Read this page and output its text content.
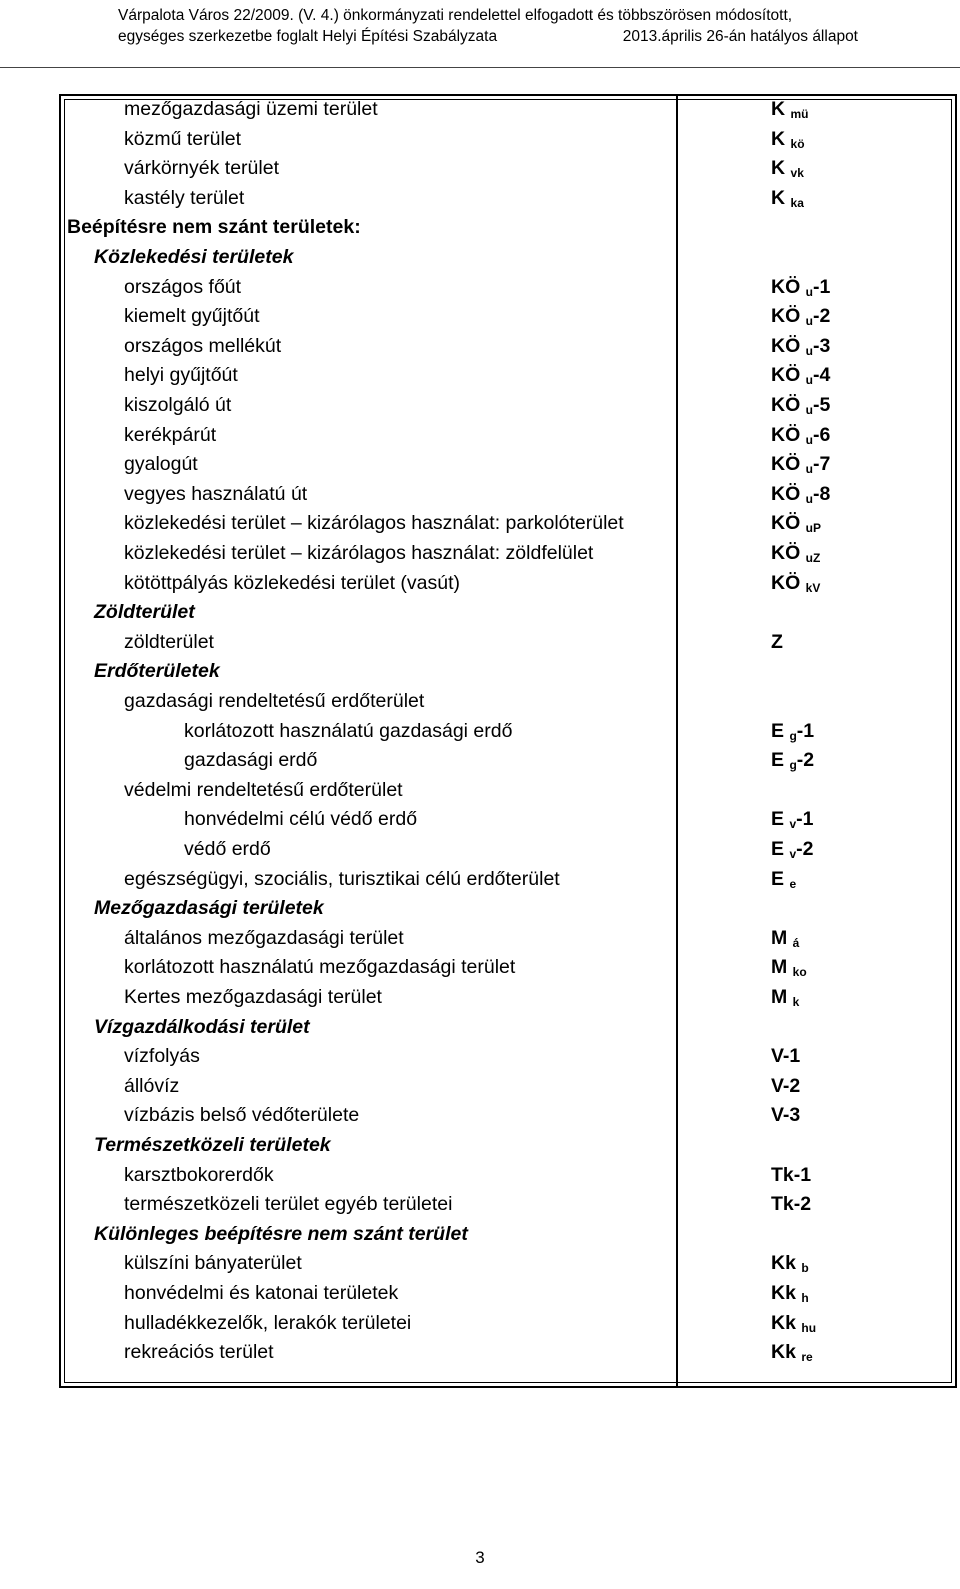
Várpalota Város 22/2009. (V. 4.) önkormányzati rendelettel elfogadott és többszörösen módosított,
egységes szerkezetbe foglalt Helyi Építési Szabályzata	2013.április 26-án hatályos állapot
mezőgazdasági üzemi terület	K $_{mü}$
közmű terület	K $_{kö}$
várkörnyék terület	K $_{vk}$
kastély terület	K $_{ka}$
Beépítésre nem szánt területek:
Közlekedési területek
országos főút	KÖ $_u$-1
kiemelt gyűjtőút	KÖ $_u$-2
országos mellékút	KÖ $_u$-3
helyi gyűjtőút	KÖ $_u$-4
kiszolgáló út	KÖ $_u$-5
kerékpárút	KÖ $_u$-6
gyalogút	KÖ $_u$-7
vegyes használatú út	KÖ $_u$-8
közlekedési terület – kizárólagos használat: parkolóterület	KÖ $_{uP}$
közlekedési terület – kizárólagos használat: zöldfelület	KÖ $_{uZ}$
kötöttpályás közlekedési terület (vasút)	KÖ $_{kV}$
Zöldterület
zöldterület	Z
Erdőterületek
gazdasági rendeltetésű erdőterület
korlátozott használatú gazdasági erdő	E $_g$-1
gazdasági erdő	E $_g$-2
védelmi rendeltetésű erdőterület
honvédelmi célú védő erdő	E $_v$-1
védő erdő	E $_v$-2
egészségügyi, szociális, turisztikai célú erdőterület	E $_e$
Mezőgazdasági területek
általános mezőgazdasági terület	M $_á$
korlátozott használatú mezőgazdasági terület	M $_{ko}$
Kertes mezőgazdasági terület	M $_k$
Vízgazdálkodási terület
vízfolyás	V-1
állóvíz	V-2
vízbázis belső védőterülete	V-3
Természetközeli területek
karsztbokorerdők	Tk-1
természetközeli terület egyéb területei	Tk-2
Különleges beépítésre nem szánt terület
külszíni bányaterület	Kk $_b$
honvédelmi és katonai területek	Kk $_h$
hulladékkezelők, lerakók területei	Kk $_{hu}$
rekreációs terület	Kk $_{re}$
3
